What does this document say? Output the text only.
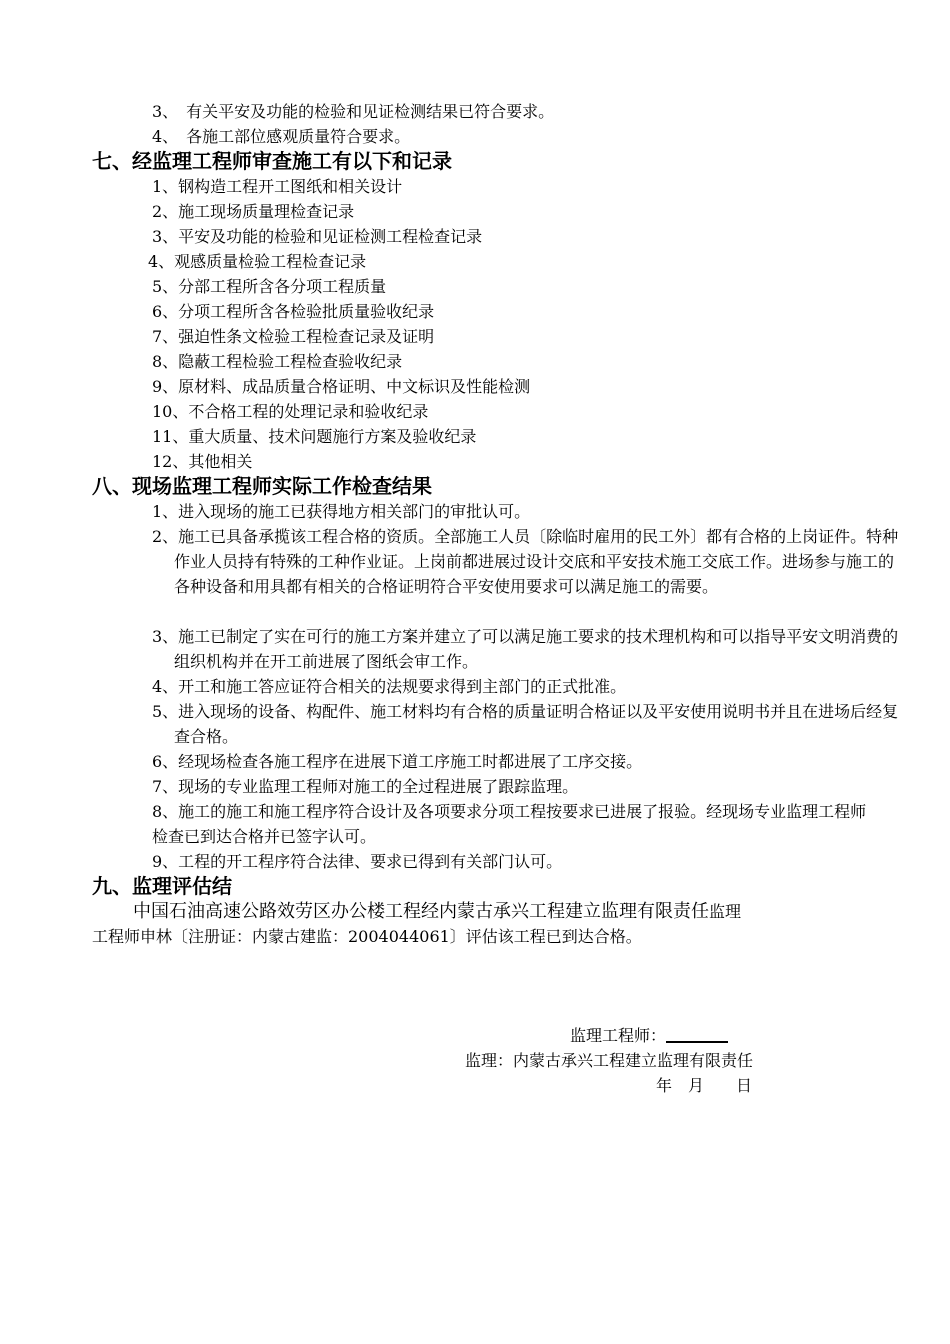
3、　有关平安及功能的检验和见证检测结果已符合要求。
4、　各施工部位感观质量符合要求。
七、经监理工程师审查施工有以下和记录
1、钢构造工程开工图纸和相关设计
2、施工现场质量理检查记录
3、平安及功能的检验和见证检测工程检查记录
4、观感质量检验工程检查记录
5、分部工程所含各分项工程质量
6、分项工程所含各检验批质量验收纪录
7、强迫性条文检验工程检查记录及证明
8、隐蔽工程检验工程检查验收纪录
9、原材料、成品质量合格证明、中文标识及性能检测
10、不合格工程的处理记录和验收纪录
11、重大质量、技术问题施行方案及验收纪录
12、其他相关
八、现场监理工程师实际工作检查结果
1、进入现场的施工已获得地方相关部门的审批认可。
2、施工已具备承揽该工程合格的资质。全部施工人员〔除临时雇用的民工外〕都有合格的上岗证件。特种作业人员持有特殊的工种作业证。上岗前都进展过设计交底和平安技术施工交底工作。进场参与施工的各种设备和用具都有相关的合格证明符合平安使用要求可以满足施工的需要。
3、施工已制定了实在可行的施工方案并建立了可以满足施工要求的技术理机构和可以指导平安文明消费的组织机构并在开工前进展了图纸会审工作。
4、开工和施工答应证符合相关的法规要求得到主部门的正式批准。
5、进入现场的设备、构配件、施工材料均有合格的质量证明合格证以及平安使用说明书并且在进场后经复查合格。
6、经现场检查各施工程序在进展下道工序施工时都进展了工序交接。
7、现场的专业监理工程师对施工的全过程进展了跟踪监理。
8、施工的施工和施工程序符合设计及各项要求分项工程按要求已进展了报验。经现场专业监理工程师检查已到达合格并已签字认可。
9、工程的开工程序符合法律、要求已得到有关部门认可。
九、监理评估结
中国石油高速公路效劳区办公楼工程经内蒙古承兴工程建立监理有限责任监理
工程师申林〔注册证：内蒙古建监：2004044061〕评估该工程已到达合格。
监理工程师：
监理：内蒙古承兴工程建立监理有限责任
年　月　　日
